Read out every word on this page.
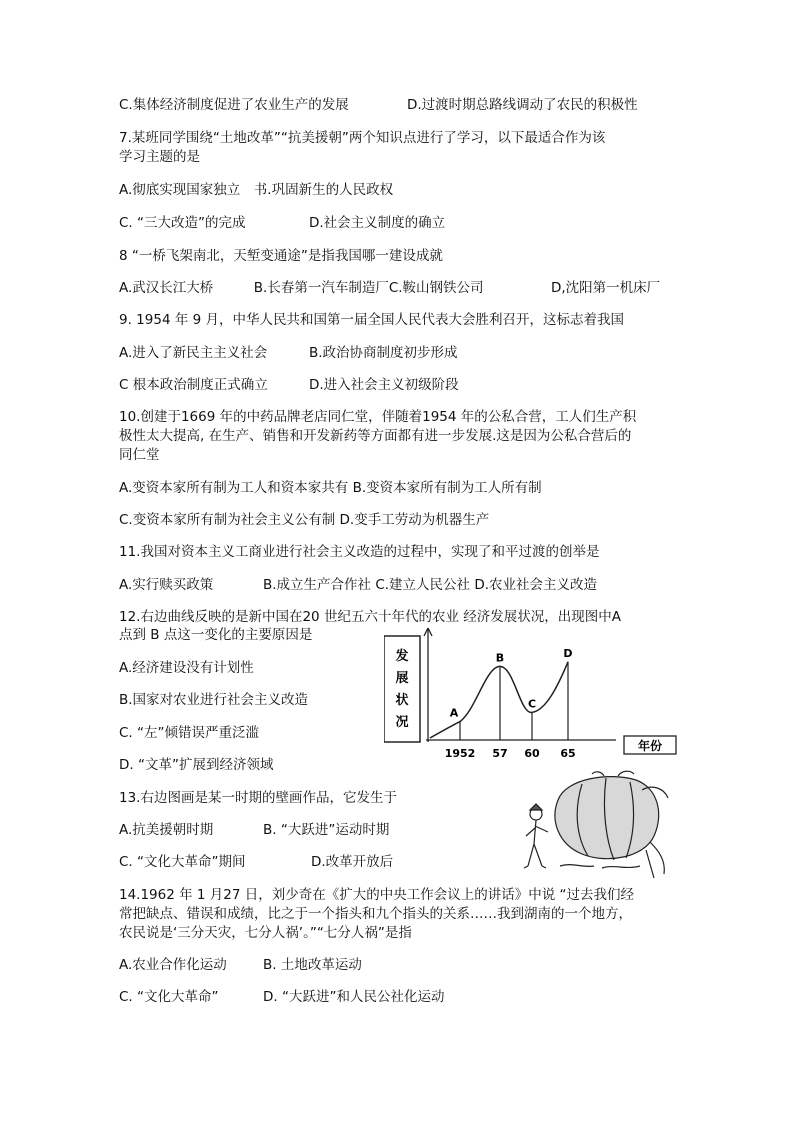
C.集体经济制度促进了农业生产的发展	D.过渡时期总路线调动了农民的积极性
7.某班同学围绕“土地改革”“抗美援朝”两个知识点进行了学习，以下最适合作为该
学习主题的是
A.彻底实现国家独立　书.巩固新生的人民政权
C. “三大改造”的完成	D.社会主义制度的确立
8 “一桥飞架南北，天堑变通途”是指我国哪一建设成就
A.武汉长江大桥　　　B.长春第一汽车制造厂C.鞍山钢铁公司	D,沈阳第一机床厂
9. 1954 年 9 月，中华人民共和国第一届全国人民代表大会胜利召开，这标志着我国
A.进入了新民主主义社会	B.政治协商制度初步形成
C 根本政治制度正式确立	D.进入社会主义初级阶段
10.创建于1669 年的中药品牌老店同仁堂，伴随着1954 年的公私合营，工人们生产积
极性太大提高, 在生产、销售和开发新药等方面都有进一步发展.这是因为公私合营后的
同仁堂
A.变资本家所有制为工人和资本家共有 B.变资本家所有制为工人所有制
C.变资本家所有制为社会主义公有制 D.变手工劳动为机器生产
11.我国对资本主义工商业进行社会主义改造的过程中，实现了和平过渡的创举是
A.实行赎买政策	B.成立生产合作社 C.建立人民公社 D.农业社会主义改造
12.右边曲线反映的是新中国在20 世纪五六十年代的农业 经济发展状况，出现图中A
点到 B 点这一变化的主要原因是
A.经济建设没有计划性
B.国家对农业进行社会主义改造
C. “左”倾错误严重泛滥
D. “文革”扩展到经济领域
发
展
状
况
A
B
C
D
1952 57 60 65
年份
13.右边图画是某一时期的壁画作品，它发生于
A.抗美援朝时期	B. “大跃进”运动时期
C. “文化大革命”期间	D.改革开放后
14.1962 年 1 月27 日，刘少奇在《扩大的中央工作会议上的讲话》中说 “过去我们经
常把缺点、错误和成绩，比之于一个指头和九个指头的关系……我到湖南的一个地方，
农民说是‘三分天灾，七分人祸’。”“七分人祸”是指
A.农业合作化运动	B. 土地改革运动
C. “文化大革命”	D. “大跃进”和人民公社化运动
